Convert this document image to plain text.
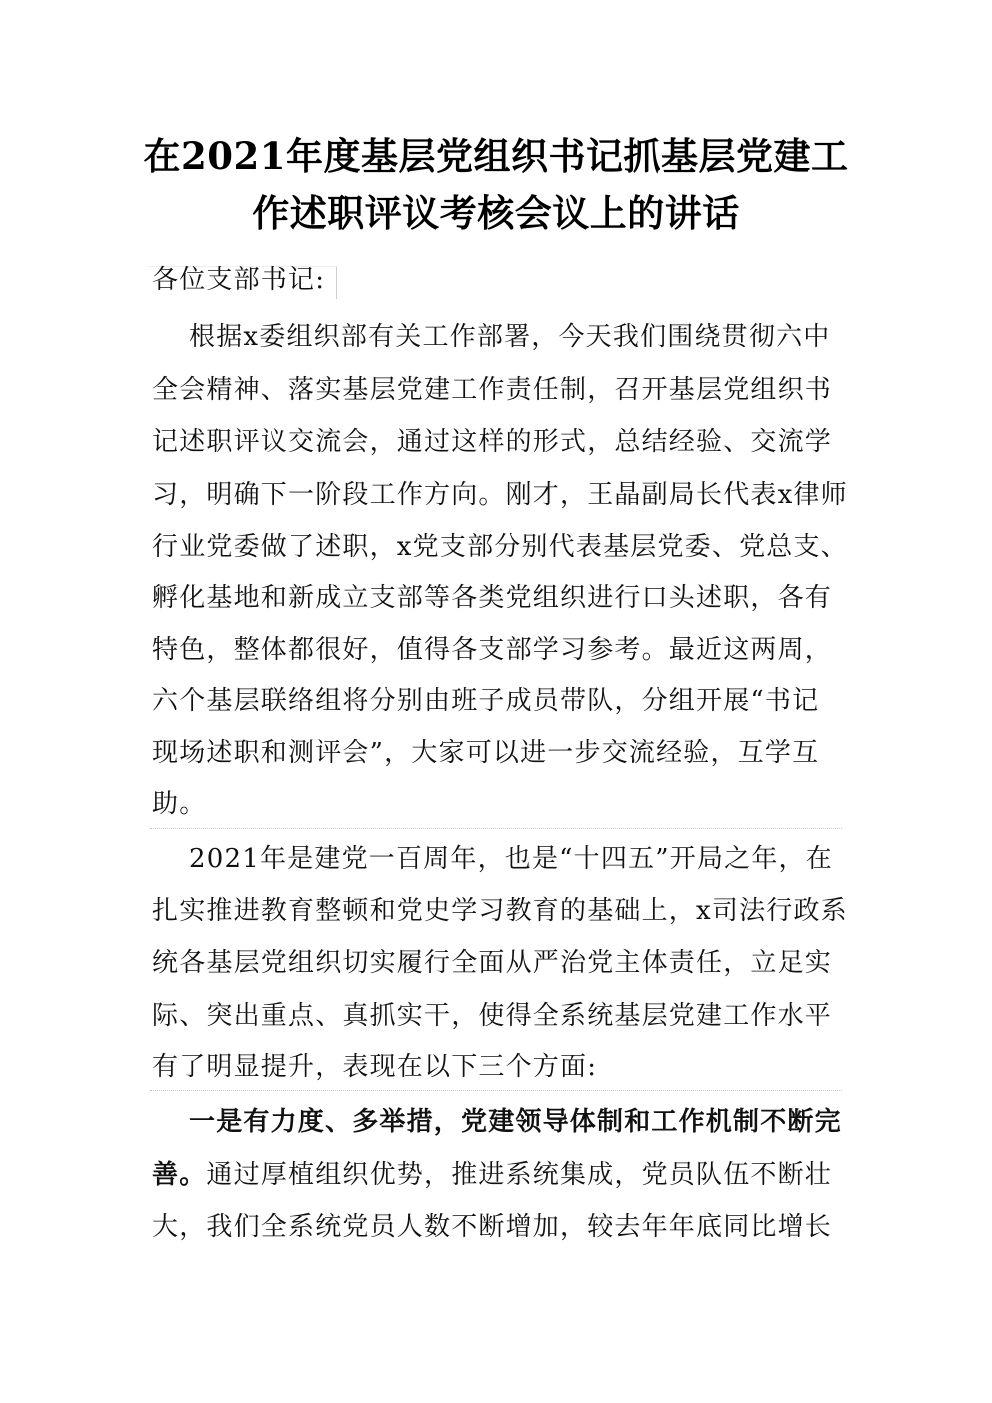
在2021年度基层党组织书记抓基层党建工
作述职评议考核会议上的讲话
各位支部书记:
根据x委组织部有关工作部署，今天我们围绕贯彻六中
全会精神、落实基层党建工作责任制，召开基层党组织书
记述职评议交流会，通过这样的形式，总结经验、交流学
习，明确下一阶段工作方向。刚才，王晶副局长代表x律师
行业党委做了述职，x党支部分别代表基层党委、党总支、
孵化基地和新成立支部等各类党组织进行口头述职，各有
特色，整体都很好，值得各支部学习参考。最近这两周，
六个基层联络组将分别由班子成员带队，分组开展“书记
现场述职和测评会”，大家可以进一步交流经验，互学互
助。
2021年是建党一百周年，也是“十四五”开局之年，在
扎实推进教育整顿和党史学习教育的基础上，x司法行政系
统各基层党组织切实履行全面从严治党主体责任，立足实
际、突出重点、真抓实干，使得全系统基层党建工作水平
有了明显提升，表现在以下三个方面:
一是有力度、多举措，党建领导体制和工作机制不断完
善。通过厚植组织优势，推进系统集成，党员队伍不断壮
大，我们全系统党员人数不断增加，较去年年底同比增长
